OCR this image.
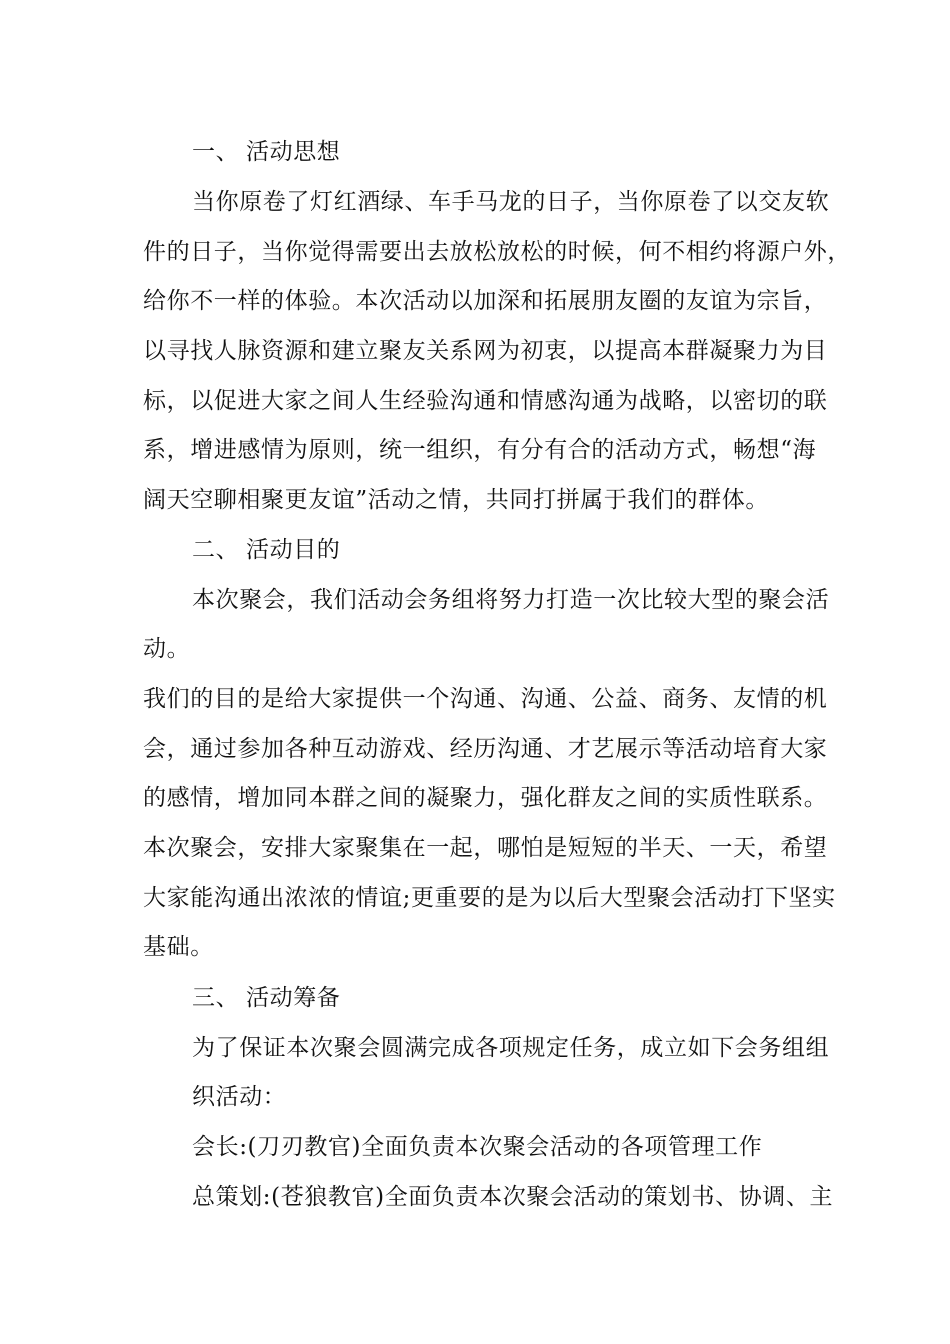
一、 活动思想
当你原卷了灯红酒绿、车手马龙的日子，当你原卷了以交友软
件的日子，当你觉得需要出去放松放松的时候，何不相约将源户外，
给你不一样的体验。本次活动以加深和拓展朋友圈的友谊为宗旨，
以寻找人脉资源和建立聚友关系网为初衷，以提高本群凝聚力为目
标，以促进大家之间人生经验沟通和情感沟通为战略，以密切的联
系，增进感情为原则，统一组织，有分有合的活动方式，畅想“海
阔天空聊相聚更友谊”活动之情，共同打拼属于我们的群体。
二、 活动目的
本次聚会，我们活动会务组将努力打造一次比较大型的聚会活
动。
我们的目的是给大家提供一个沟通、沟通、公益、商务、友情的机
会，通过参加各种互动游戏、经历沟通、才艺展示等活动培育大家
的感情，增加同本群之间的凝聚力，强化群友之间的实质性联系。
本次聚会，安排大家聚集在一起，哪怕是短短的半天、一天，希望
大家能沟通出浓浓的情谊;更重要的是为以后大型聚会活动打下坚实
基础。
三、 活动筹备
为了保证本次聚会圆满完成各项规定任务，成立如下会务组组
织活动：
会长:(刀刃教官)全面负责本次聚会活动的各项管理工作
总策划:(苍狼教官)全面负责本次聚会活动的策划书、协调、主
